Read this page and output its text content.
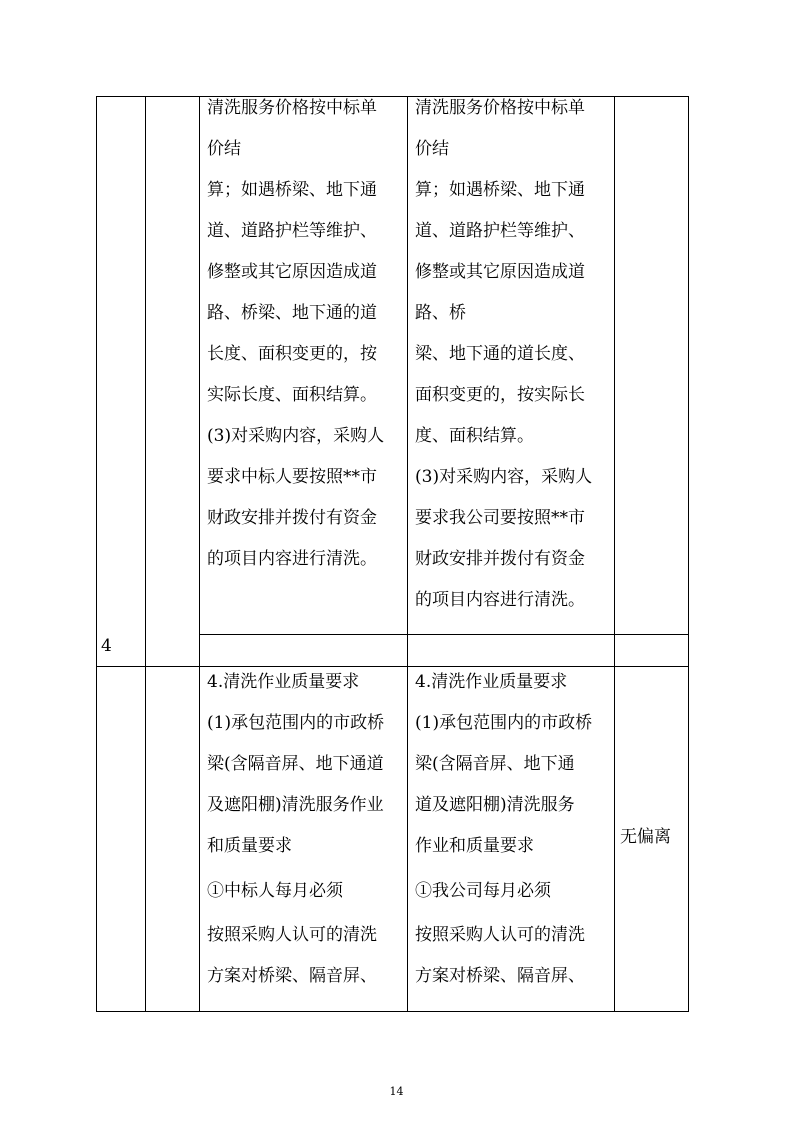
清洗服务价格按中标单
价结
算；如遇桥梁、地下通
道、道路护栏等维护、
修整或其它原因造成道
路、桥梁、地下通的道
长度、面积变更的，按
实际长度、面积结算。
(3)对采购内容，采购人
要求中标人要按照**市
财政安排并拨付有资金
的项目内容进行清洗。
清洗服务价格按中标单
价结
算；如遇桥梁、地下通
道、道路护栏等维护、
修整或其它原因造成道
路、桥
梁、地下通的道长度、
面积变更的，按实际长
度、面积结算。
(3)对采购内容，采购人
要求我公司要按照**市
财政安排并拨付有资金
的项目内容进行清洗。
4
4.清洗作业质量要求
(1)承包范围内的市政桥
梁(含隔音屏、地下通道
及遮阳棚)清洗服务作业
和质量要求
①中标人每月必须
按照采购人认可的清洗
方案对桥梁、隔音屏、
4.清洗作业质量要求
(1)承包范围内的市政桥
梁(含隔音屏、地下通
道及遮阳棚)清洗服务
作业和质量要求
①我公司每月必须
按照采购人认可的清洗
方案对桥梁、隔音屏、
无偏离
14
